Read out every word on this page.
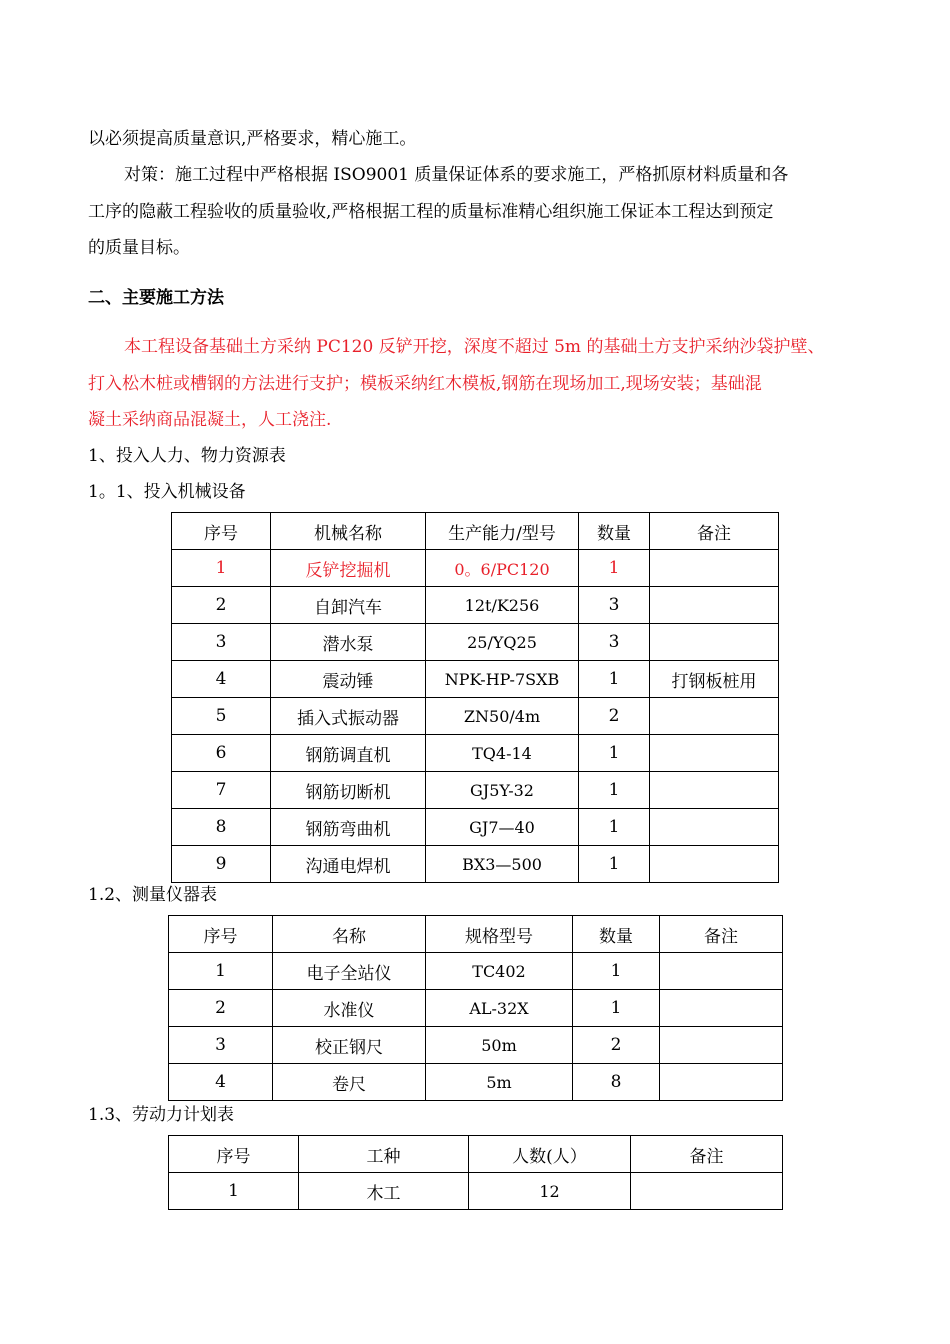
以必须提高质量意识,严格要求，精心施工。
对策：施工过程中严格根据 ISO9001 质量保证体系的要求施工，严格抓原材料质量和各
工序的隐蔽工程验收的质量验收,严格根据工程的质量标准精心组织施工保证本工程达到预定
的质量目标。
二、主要施工方法
本工程设备基础土方采纳 PC120 反铲开挖，深度不超过 5m 的基础土方支护采纳沙袋护壁、
打入松木桩或槽钢的方法进行支护；模板采纳红木模板,钢筋在现场加工,现场安装；基础混
凝土采纳商品混凝土，人工浇注.
1、投入人力、物力资源表
1。1、投入机械设备
序号	机械名称	生产能力/型号	数量	备注
1	反铲挖掘机	0。6/PC120	1	
2	自卸汽车	12t/K256	3	
3	潜水泵	25/YQ25	3	
4	震动锤	NPK-HP-7SXB	1	打钢板桩用
5	插入式振动器	ZN50/4m	2	
6	钢筋调直机	TQ4-14	1	
7	钢筋切断机	GJ5Y-32	1	
8	钢筋弯曲机	GJ7—40	1	
9	沟通电焊机	BX3—500	1	
1.2、测量仪器表
序号	名称	规格型号	数量	备注
1	电子全站仪	TC402	1	
2	水准仪	AL-32X	1	
3	校正钢尺	50m	2	
4	卷尺	5m	8	
1.3、劳动力计划表
序号	工种	人数(人）	备注
1	木工	12	
